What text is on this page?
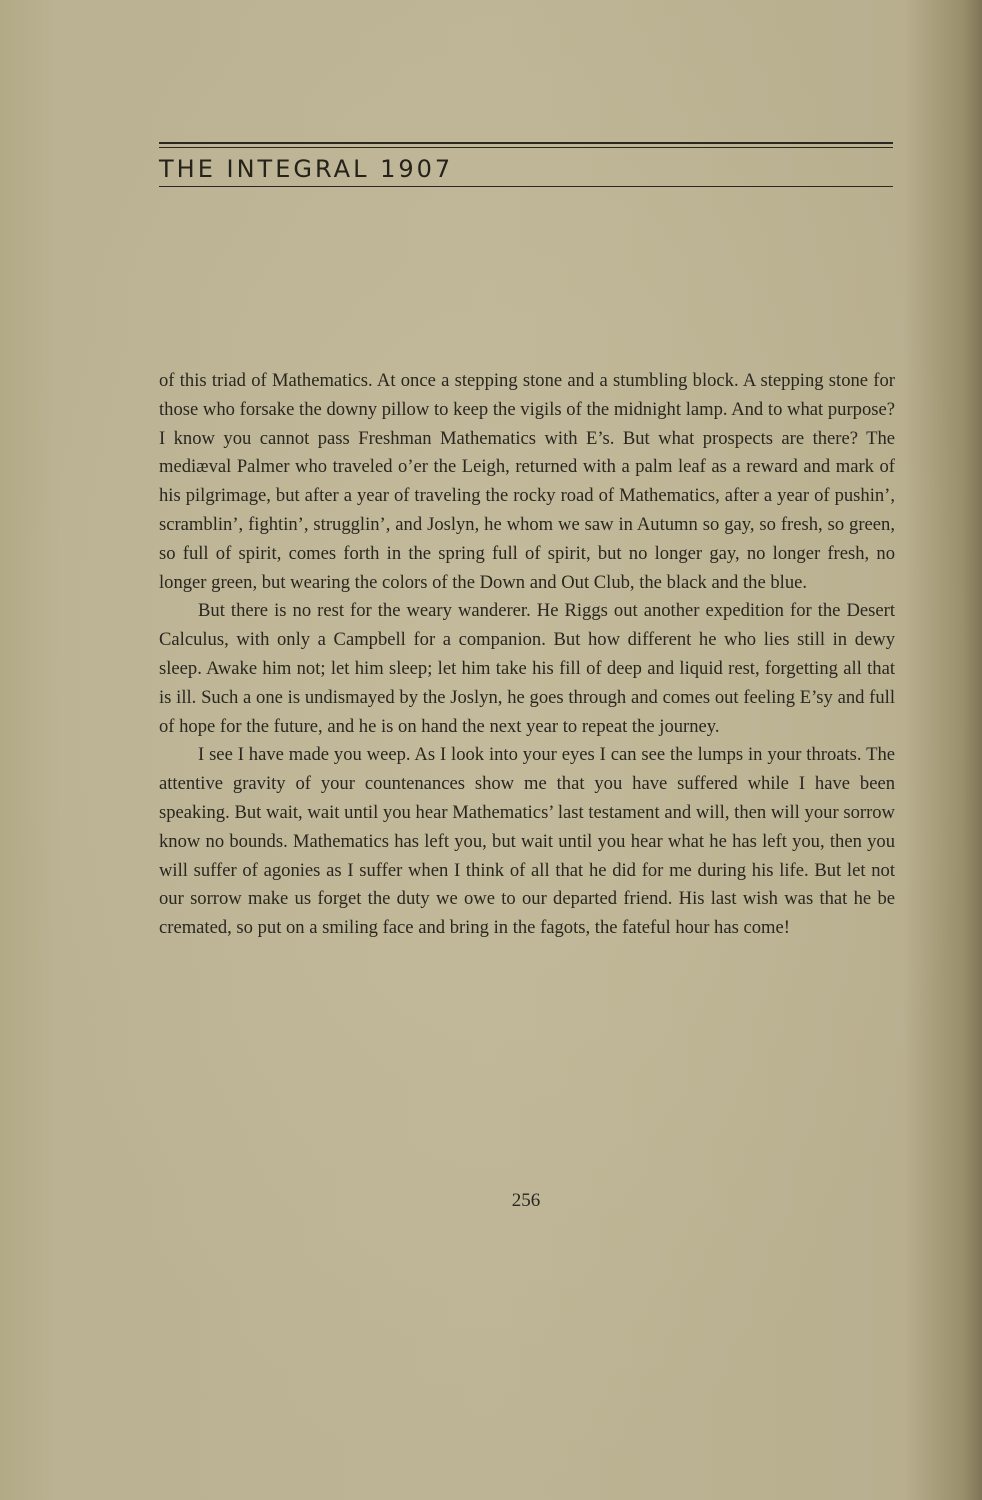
THE INTEGRAL 1907

of this triad of Mathematics. At once a stepping stone and a stumbling block. A stepping stone for those who forsake the downy pillow to keep the vigils of the midnight lamp. And to what purpose? I know you cannot pass Freshman Mathematics with E’s. But what prospects are there? The mediæval Palmer who traveled o’er the Leigh, returned with a palm leaf as a reward and mark of his pilgrimage, but after a year of traveling the rocky road of Mathematics, after a year of pushin’, scramblin’, fightin’, strugglin’, and Joslyn, he whom we saw in Autumn so gay, so fresh, so green, so full of spirit, comes forth in the spring full of spirit, but no longer gay, no longer fresh, no longer green, but wearing the colors of the Down and Out Club, the black and the blue.

But there is no rest for the weary wanderer. He Riggs out another expedition for the Desert Calculus, with only a Campbell for a companion. But how different he who lies still in dewy sleep. Awake him not; let him sleep; let him take his fill of deep and liquid rest, forgetting all that is ill. Such a one is undismayed by the Joslyn, he goes through and comes out feeling E’sy and full of hope for the future, and he is on hand the next year to repeat the journey.

I see I have made you weep. As I look into your eyes I can see the lumps in your throats. The attentive gravity of your countenances show me that you have suffered while I have been speaking. But wait, wait until you hear Mathematics’ last testament and will, then will your sorrow know no bounds. Mathematics has left you, but wait until you hear what he has left you, then you will suffer of agonies as I suffer when I think of all that he did for me during his life. But let not our sorrow make us forget the duty we owe to our departed friend. His last wish was that he be cremated, so put on a smiling face and bring in the fagots, the fateful hour has come!

256
